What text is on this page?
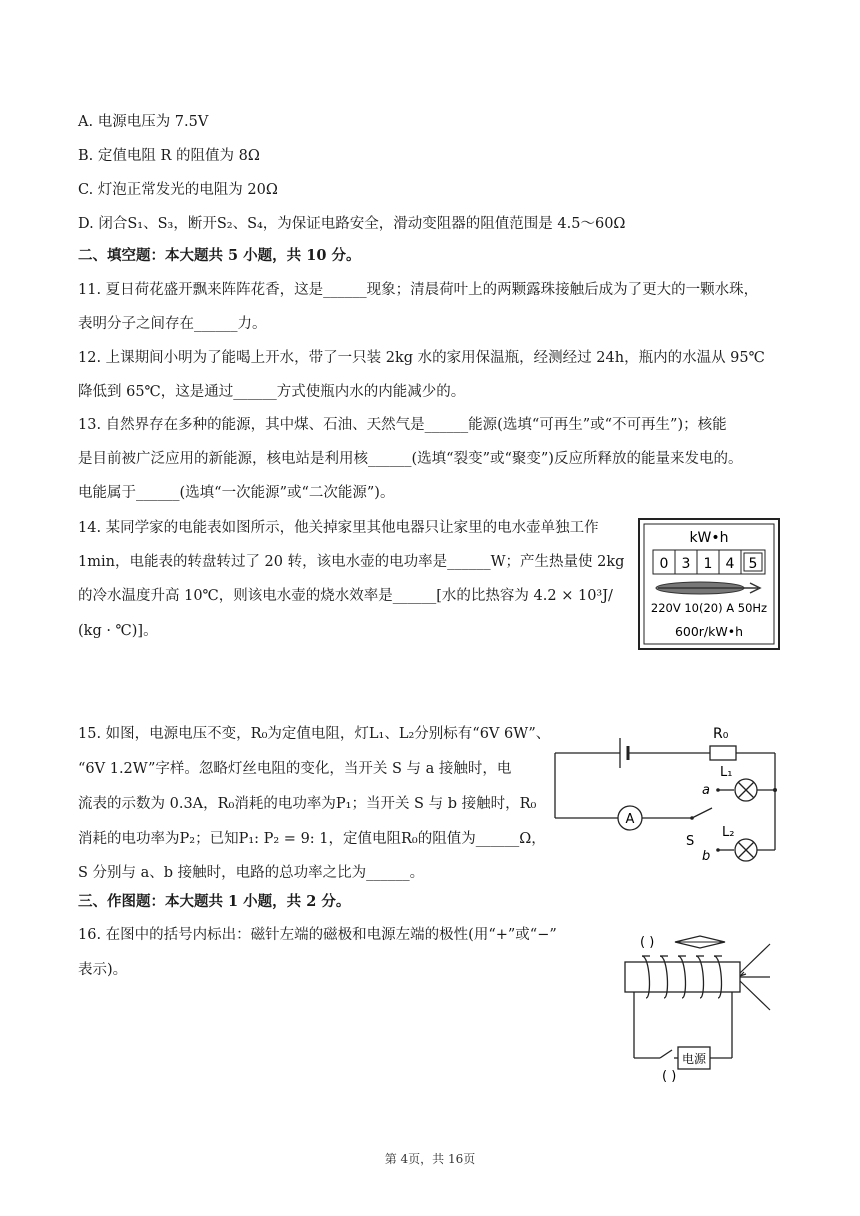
A. 电源电压为 7.5V
B. 定值电阻 R 的阻值为 8Ω
C. 灯泡正常发光的电阻为 20Ω
D. 闭合S₁、S₃，断开S₂、S₄，为保证电路安全，滑动变阻器的阻值范围是 4.5～60Ω
二、填空题：本大题共 5 小题，共 10 分。
11. 夏日荷花盛开飘来阵阵花香，这是______现象；清晨荷叶上的两颗露珠接触后成为了更大的一颗水珠，
表明分子之间存在______力。
12. 上课期间小明为了能喝上开水，带了一只装 2kg 水的家用保温瓶，经测经过 24h，瓶内的水温从 95℃
降低到 65℃，这是通过______方式使瓶内水的内能减少的。
13. 自然界存在多种的能源，其中煤、石油、天然气是______能源(选填“可再生”或“不可再生”)；核能
是目前被广泛应用的新能源，核电站是利用核______(选填“裂变”或“聚变”)反应所释放的能量来发电的。
电能属于______(选填“一次能源”或“二次能源”)。
14. 某同学家的电能表如图所示，他关掉家里其他电器只让家里的电水壶单独工作
1min，电能表的转盘转过了 20 转，该电水壶的电功率是______W；产生热量使 2kg
的冷水温度升高 10℃，则该电水壶的烧水效率是______[水的比热容为 4.2 × 10³J/
(kg · ℃)]。
kW•h
0 3 1 4 5
220V 10(20) A 50Hz
600r/kW•h
15. 如图，电源电压不变，R₀为定值电阻，灯L₁、L₂分别标有“6V 6W”、
“6V 1.2W”字样。忽略灯丝电阻的变化，当开关 S 与 a 接触时，电
流表的示数为 0.3A，R₀消耗的电功率为P₁；当开关 S 与 b 接触时，R₀
消耗的电功率为P₂；已知P₁: P₂ = 9: 1，定值电阻R₀的阻值为______Ω，
S 分别与 a、b 接触时，电路的总功率之比为______。
R₀
L₁
L₂
a
b
S
A
三、作图题：本大题共 1 小题，共 2 分。
16. 在图中的括号内标出：磁针左端的磁极和电源左端的极性(用“+”或“−”
表示)。
( )
电源
( )
第 4页，共 16页
